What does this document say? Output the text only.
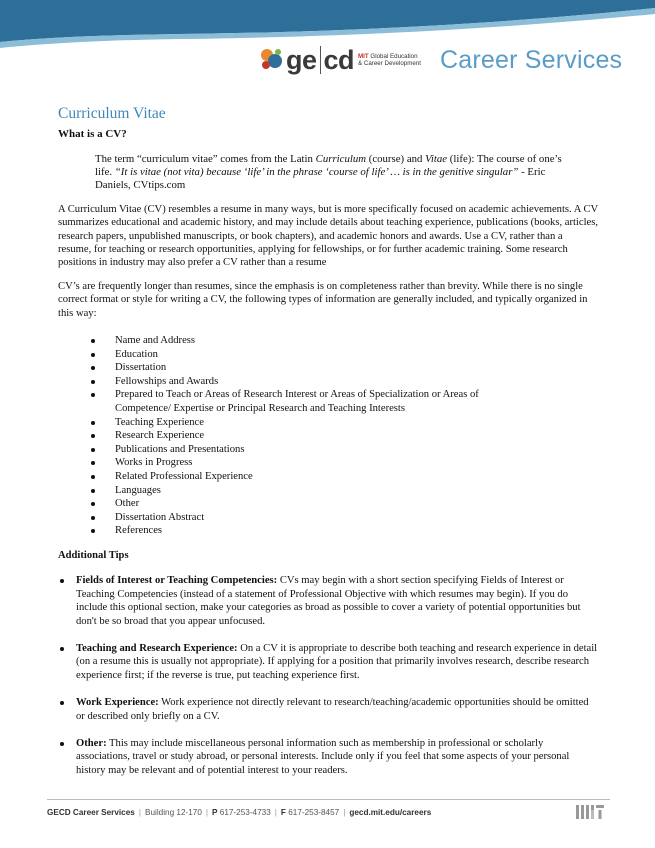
ge cd MIT Global Education
& Career Development Career Services
Curriculum Vitae
What is a CV?
The term “curriculum vitae” comes from the Latin Curriculum (course) and Vitae (life): The course of one’s life. “It is vitae (not vita) because ‘life’ in the phrase ‘course of life’ … is in the genitive singular” - Eric Daniels, CVtips.com

A Curriculum Vitae (CV) resembles a resume in many ways, but is more specifically focused on academic achievements. A CV summarizes educational and academic history, and may include details about teaching experience, publications (books, articles, research papers, unpublished manuscripts, or book chapters), and academic honors and awards. Use a CV, rather than a resume, for teaching or research opportunities, applying for fellowships, or for further academic training. Some research positions in industry may also prefer a CV rather than a resume

CV’s are frequently longer than resumes, since the emphasis is on completeness rather than brevity. While there is no single correct format or style for writing a CV, the following types of information are generally included, and typically organized in this way:

Name and Address
Education
Dissertation
Fellowships and Awards
Prepared to Teach or Areas of Research Interest or Areas of Specialization or Areas of Competence/ Expertise or Principal Research and Teaching Interests
Teaching Experience
Research Experience
Publications and Presentations
Works in Progress
Related Professional Experience
Languages
Other
Dissertation Abstract
References
Additional Tips
Fields of Interest or Teaching Competencies: CVs may begin with a short section specifying Fields of Interest or Teaching Competencies (instead of a statement of Professional Objective with which resumes may begin). If you do include this optional section, make your categories as broad as possible to cover a variety of potential opportunities but don't be so broad that you appear unfocused.
Teaching and Research Experience: On a CV it is appropriate to describe both teaching and research experience in detail (on a resume this is usually not appropriate). If applying for a position that primarily involves research, describe research experience first; if the reverse is true, put teaching experience first.
Work Experience: Work experience not directly relevant to research/teaching/academic opportunities should be omitted or described only briefly on a CV.
Other: This may include miscellaneous personal information such as membership in professional or scholarly associations, travel or study abroad, or personal interests. Include only if you feel that some aspects of your personal history may be relevant and of potential interest to your readers.
GECD Career Services | Building 12-170 | P
617-253-4733 | F
617-253-8457 | gecd.mit.edu/careers
